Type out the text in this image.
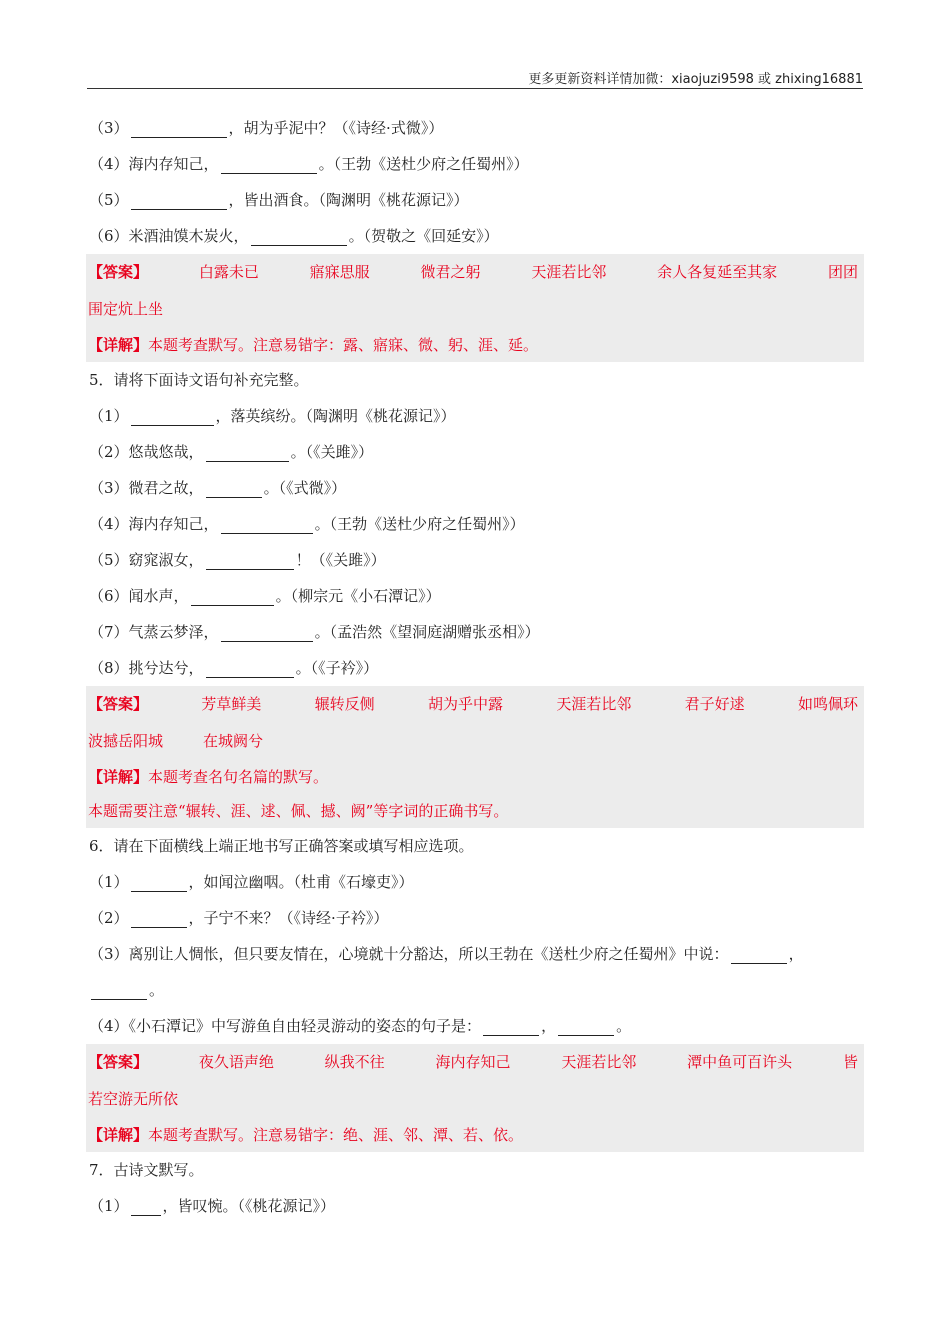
更多更新资料详情加微：xiaojuzi9598 或 zhixing16881
（3）	，胡为乎泥中？（《诗经·式微》）
（4）海内存知己，	。（王勃《送杜少府之任蜀州》）
（5）	，皆出酒食。（陶渊明《桃花源记》）
（6）米酒油馍木炭火，	。（贺敬之《回延安》）
【答案】	白露未已	寤寐思服	微君之躬	天涯若比邻	余人各复延至其家	团团
围定炕上坐
【详解】本题考查默写。注意易错字：露、寤寐、微、躬、涯、延。
5．请将下面诗文语句补充完整。
（1）	，落英缤纷。（陶渊明《桃花源记》）
（2）悠哉悠哉，	。（《关雎》）
（3）微君之故，	。（《式微》）
（4）海内存知己，	。（王勃《送杜少府之任蜀州》）
（5）窈窕淑女，	！（《关雎》）
（6）闻水声，	。（柳宗元《小石潭记》）
（7）气蒸云梦泽，	。（孟浩然《望洞庭湖赠张丞相》）
（8）挑兮达兮，	。（《子衿》）
【答案】	芳草鲜美	辗转反侧	胡为乎中露	天涯若比邻	君子好逑	如鸣佩环
波撼岳阳城	在城阙兮
【详解】本题考查名句名篇的默写。
本题需要注意“辗转、涯、逑、佩、撼、阙”等字词的正确书写。
6．请在下面横线上端正地书写正确答案或填写相应选项。
（1）	，如闻泣幽咽。（杜甫《石壕吏》）
（2）	，子宁不来？（《诗经·子衿》）
（3）离别让人惆怅，但只要友情在，心境就十分豁达，所以王勃在《送杜少府之任蜀州》中说：	，
。
（4）《小石潭记》中写游鱼自由轻灵游动的姿态的句子是：	，	。
【答案】	夜久语声绝	纵我不往	海内存知己	天涯若比邻	潭中鱼可百许头	皆
若空游无所依
【详解】本题考查默写。注意易错字：绝、涯、邻、潭、若、依。
7．古诗文默写。
（1） ，皆叹惋。（《桃花源记》）
